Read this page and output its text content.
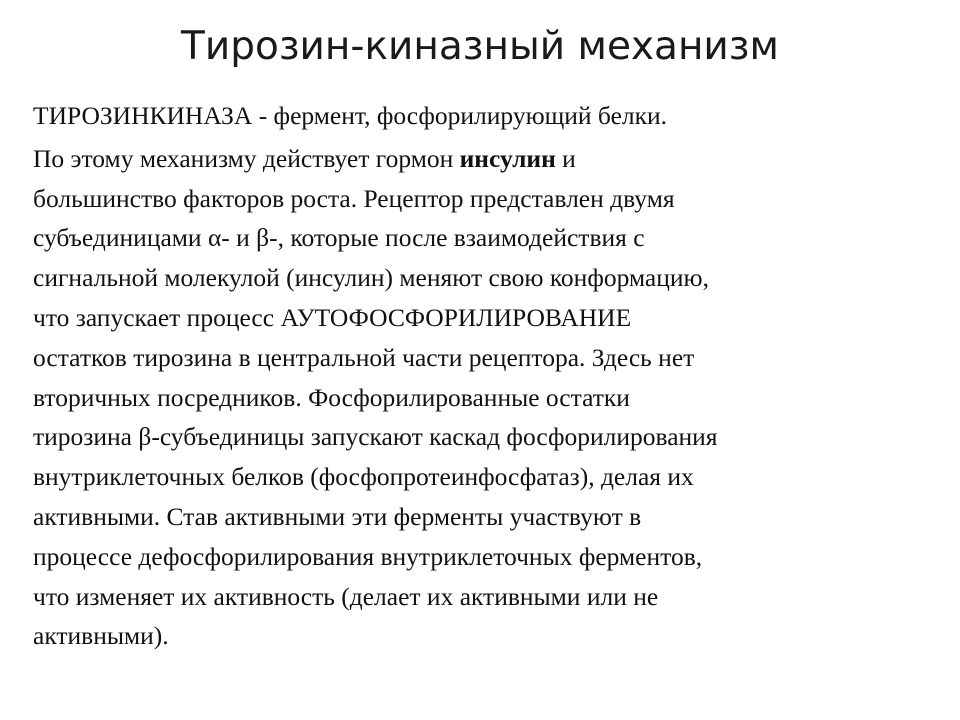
Тирозин-киназный механизм

ТИРОЗИНКИНАЗА - фермент, фосфорилирующий белки.

По этому механизму действует гормон инсулин и
большинство факторов роста. Рецептор представлен двумя
субъединицами α- и β-, которые после взаимодействия с
сигнальной молекулой (инсулин) меняют свою конформацию,
что запускает процесс АУТОФОСФОРИЛИРОВАНИЕ
остатков тирозина в центральной части рецептора. Здесь нет
вторичных посредников. Фосфорилированные остатки
тирозина β-субъединицы запускают каскад фосфорилирования
внутриклеточных белков (фосфопротеинфосфатаз), делая их
активными. Став активными эти ферменты участвуют в
процессе дефосфорилирования внутриклеточных ферментов,
что изменяет их активность (делает их активными или не
активными).
